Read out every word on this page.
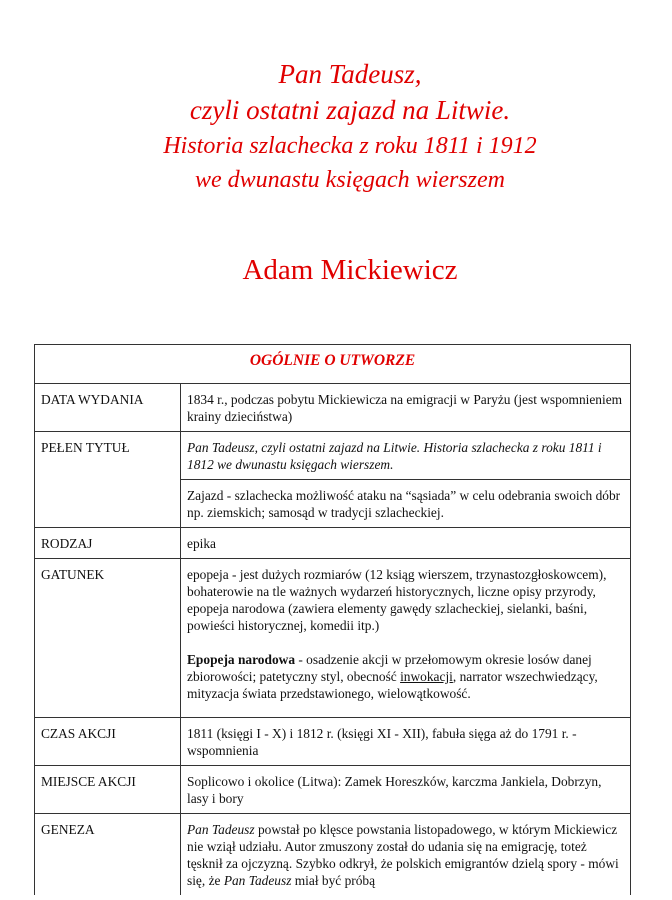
Pan Tadeusz,
czyli ostatni zajazd na Litwie.
Historia szlachecka z roku 1811 i 1912
we dwunastu księgach wierszem
Adam Mickiewicz
OGÓLNIE O UTWORZE	
DATA WYDANIA	1834 r., podczas pobytu Mickiewicza na emigracji w Paryżu (jest wspomnieniem krainy dzieciństwa)
PEŁEN TYTUŁ	Pan Tadeusz, czyli ostatni zajazd na Litwie. Historia szlachecka z roku 1811 i 1812 we dwunastu księgach wierszem.
	Zajazd - szlachecka możliwość ataku na “sąsiada” w celu odebrania swoich dóbr np. ziemskich; samosąd w tradycji szlacheckiej.
RODZAJ	epika
GATUNEK	epopeja - jest dużych rozmiarów (12 ksiąg wierszem, trzynastozgłoskowcem), bohaterowie na tle ważnych wydarzeń historycznych, liczne opisy przyrody,
epopeja narodowa (zawiera elementy gawędy szlacheckiej, sielanki, baśni, powieści historycznej, komedii itp.)
Epopeja narodowa - osadzenie akcji w przełomowym okresie losów danej zbiorowości; patetyczny styl, obecność inwokacji, narrator wszechwiedzący, mityzacja świata przedstawionego, wielowątkowość.

CZAS AKCJI	1811 (księgi I - X) i 1812 r. (księgi XI - XII), fabuła sięga aż do 1791 r. - wspomnienia
MIEJSCE AKCJI	Soplicowo i okolice (Litwa): Zamek Horeszków, karczma Jankiela, Dobrzyn, lasy i bory
GENEZA	Pan Tadeusz powstał po klęsce powstania listopadowego, w którym Mickiewicz nie wziął udziału. Autor zmuszony został do udania się na emigrację, toteż tęsknił za ojczyzną. Szybko odkrył, że polskich emigrantów dzielą spory - mówi się, że Pan Tadeusz miał być próbą
